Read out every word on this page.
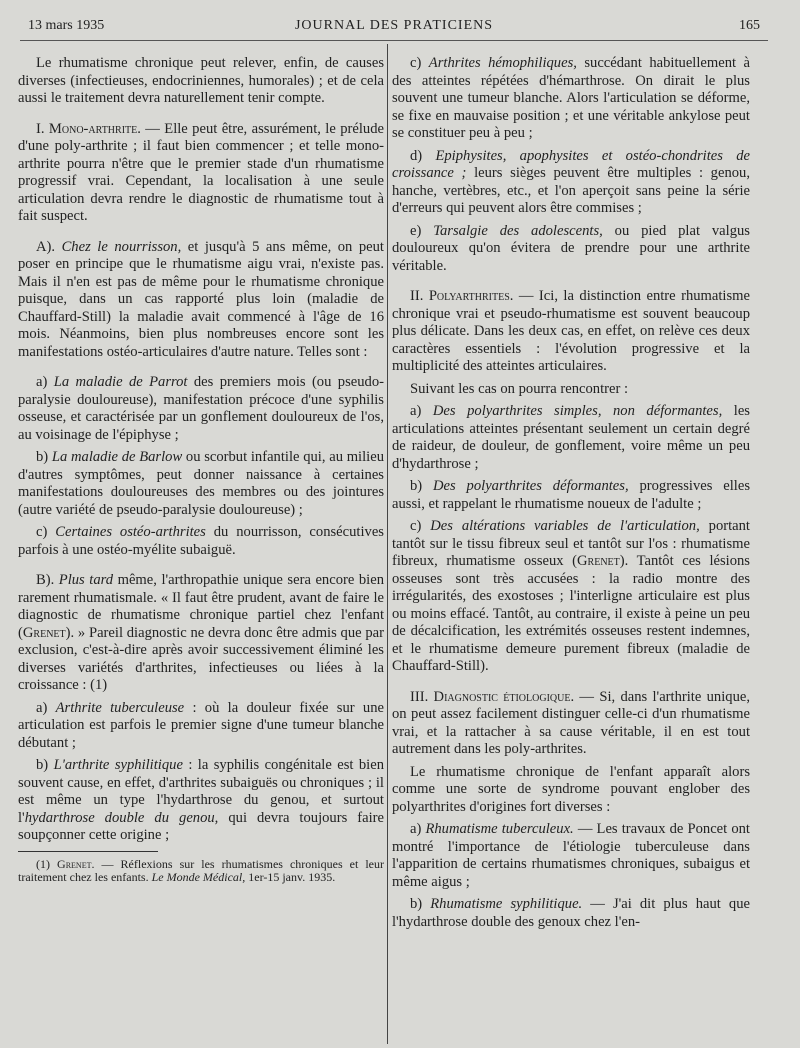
13 mars 1935	JOURNAL DES PRATICIENS	165

Le rhumatisme chronique peut relever, enfin, de causes diverses (infectieuses, endocriniennes, humorales) ; et de cela aussi le traitement devra naturellement tenir compte.

I. Mono-arthrite. — Elle peut être, assurément, le prélude d'une poly-arthrite ; il faut bien commencer ; et telle mono-arthrite pourra n'être que le premier stade d'un rhumatisme progressif vrai. Cependant, la localisation à une seule articulation devra rendre le diagnostic de rhumatisme tout à fait suspect.

A). Chez le nourrisson, et jusqu'à 5 ans même, on peut poser en principe que le rhumatisme aigu vrai, n'existe pas. Mais il n'en est pas de même pour le rhumatisme chronique puisque, dans un cas rapporté plus loin (maladie de Chauffard-Still) la maladie avait commencé à l'âge de 16 mois. Néanmoins, bien plus nombreuses encore sont les manifestations ostéo-articulaires d'autre nature. Telles sont :

a) La maladie de Parrot des premiers mois (ou pseudo-paralysie douloureuse), manifestation précoce d'une syphilis osseuse, et caractérisée par un gonflement douloureux de l'os, au voisinage de l'épiphyse ;

b) La maladie de Barlow ou scorbut infantile qui, au milieu d'autres symptômes, peut donner naissance à certaines manifestations douloureuses des membres ou des jointures (autre variété de pseudo-paralysie douloureuse) ;

c) Certaines ostéo-arthrites du nourrisson, consécutives parfois à une ostéo-myélite subaiguë.

B). Plus tard même, l'arthropathie unique sera encore bien rarement rhumatismale. « Il faut être prudent, avant de faire le diagnostic de rhumatisme chronique partiel chez l'enfant (Grenet). » Pareil diagnostic ne devra donc être admis que par exclusion, c'est-à-dire après avoir successivement éliminé les diverses variétés d'arthrites, infectieuses ou liées à la croissance : (1)

a) Arthrite tuberculeuse : où la douleur fixée sur une articulation est parfois le premier signe d'une tumeur blanche débutant ;

b) L'arthrite syphilitique : la syphilis congénitale est bien souvent cause, en effet, d'arthrites subaiguës ou chroniques ; il est même un type l'hydarthrose du genou, et surtout l'hydarthrose double du genou, qui devra toujours faire soupçonner cette origine ;

(1) Grenet. — Réflexions sur les rhumatismes chroniques et leur traitement chez les enfants. Le Monde Médical, 1er-15 janv. 1935.

c) Arthrites hémophiliques, succédant habituellement à des atteintes répétées d'hémarthrose. On dirait le plus souvent une tumeur blanche. Alors l'articulation se déforme, se fixe en mauvaise position ; et une véritable ankylose peut se constituer peu à peu ;

d) Epiphysites, apophysites et ostéo-chondrites de croissance ; leurs sièges peuvent être multiples : genou, hanche, vertèbres, etc., et l'on aperçoit sans peine la série d'erreurs qui peuvent alors être commises ;

e) Tarsalgie des adolescents, ou pied plat valgus douloureux qu'on évitera de prendre pour une arthrite véritable.

II. Polyarthrites. — Ici, la distinction entre rhumatisme chronique vrai et pseudo-rhumatisme est souvent beaucoup plus délicate. Dans les deux cas, en effet, on relève ces deux caractères essentiels : l'évolution progressive et la multiplicité des atteintes articulaires.

Suivant les cas on pourra rencontrer :

a) Des polyarthrites simples, non déformantes, les articulations atteintes présentant seulement un certain degré de raideur, de douleur, de gonflement, voire même un peu d'hydarthrose ;

b) Des polyarthrites déformantes, progressives elles aussi, et rappelant le rhumatisme noueux de l'adulte ;

c) Des altérations variables de l'articulation, portant tantôt sur le tissu fibreux seul et tantôt sur l'os : rhumatisme fibreux, rhumatisme osseux (Grenet). Tantôt ces lésions osseuses sont très accusées : la radio montre des irrégularités, des exostoses ; l'interligne articulaire est plus ou moins effacé. Tantôt, au contraire, il existe à peine un peu de décalcification, les extrémités osseuses restent indemnes, et le rhumatisme demeure purement fibreux (maladie de Chauffard-Still).

III. Diagnostic étiologique. — Si, dans l'arthrite unique, on peut assez facilement distinguer celle-ci d'un rhumatisme vrai, et la rattacher à sa cause véritable, il en est tout autrement dans les poly-arthrites.

Le rhumatisme chronique de l'enfant apparaît alors comme une sorte de syndrome pouvant englober des polyarthrites d'origines fort diverses :

a) Rhumatisme tuberculeux. — Les travaux de Poncet ont montré l'importance de l'étiologie tuberculeuse dans l'apparition de certains rhumatismes chroniques, subaigus et même aigus ;

b) Rhumatisme syphilitique. — J'ai dit plus haut que l'hydarthrose double des genoux chez l'en-
